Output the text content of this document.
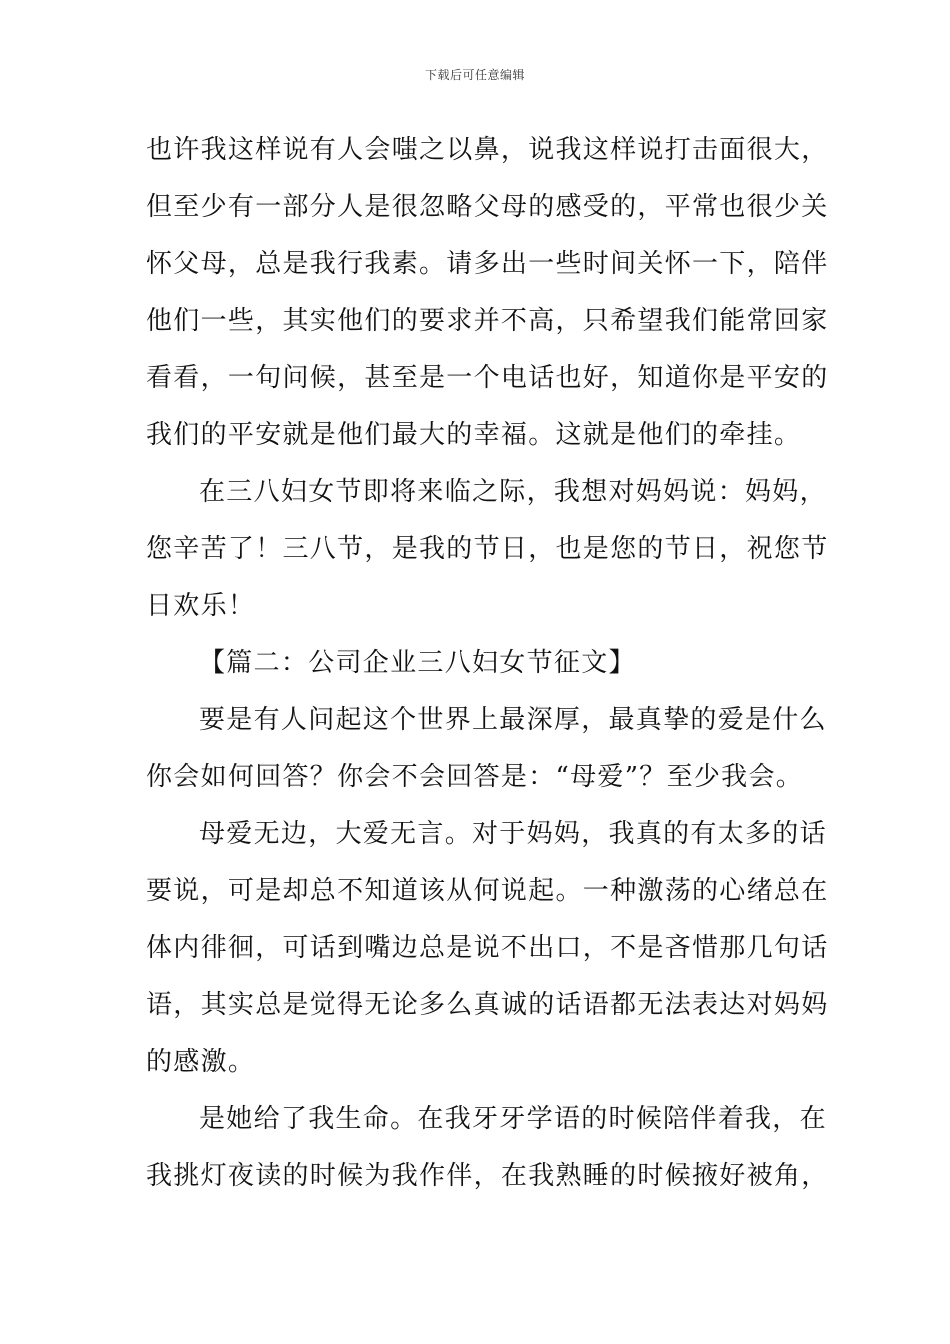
下载后可任意编辑
也许我这样说有人会嗤之以鼻，说我这样说打击面很大，
但至少有一部分人是很忽略父母的感受的，平常也很少关
怀父母，总是我行我素。请多出一些时间关怀一下，陪伴
他们一些，其实他们的要求并不高，只希望我们能常回家
看看，一句问候，甚至是一个电话也好，知道你是平安的
我们的平安就是他们最大的幸福。这就是他们的牵挂。
在三八妇女节即将来临之际，我想对妈妈说：妈妈，
您辛苦了！三八节，是我的节日，也是您的节日，祝您节
日欢乐！
【篇二：公司企业三八妇女节征文】
要是有人问起这个世界上最深厚，最真挚的爱是什么
你会如何回答？你会不会回答是：“母爱”？至少我会。
母爱无边，大爱无言。对于妈妈，我真的有太多的话
要说，可是却总不知道该从何说起。一种激荡的心绪总在
体内徘徊，可话到嘴边总是说不出口，不是吝惜那几句话
语，其实总是觉得无论多么真诚的话语都无法表达对妈妈
的感激。
是她给了我生命。在我牙牙学语的时候陪伴着我，在
我挑灯夜读的时候为我作伴，在我熟睡的时候掖好被角，
